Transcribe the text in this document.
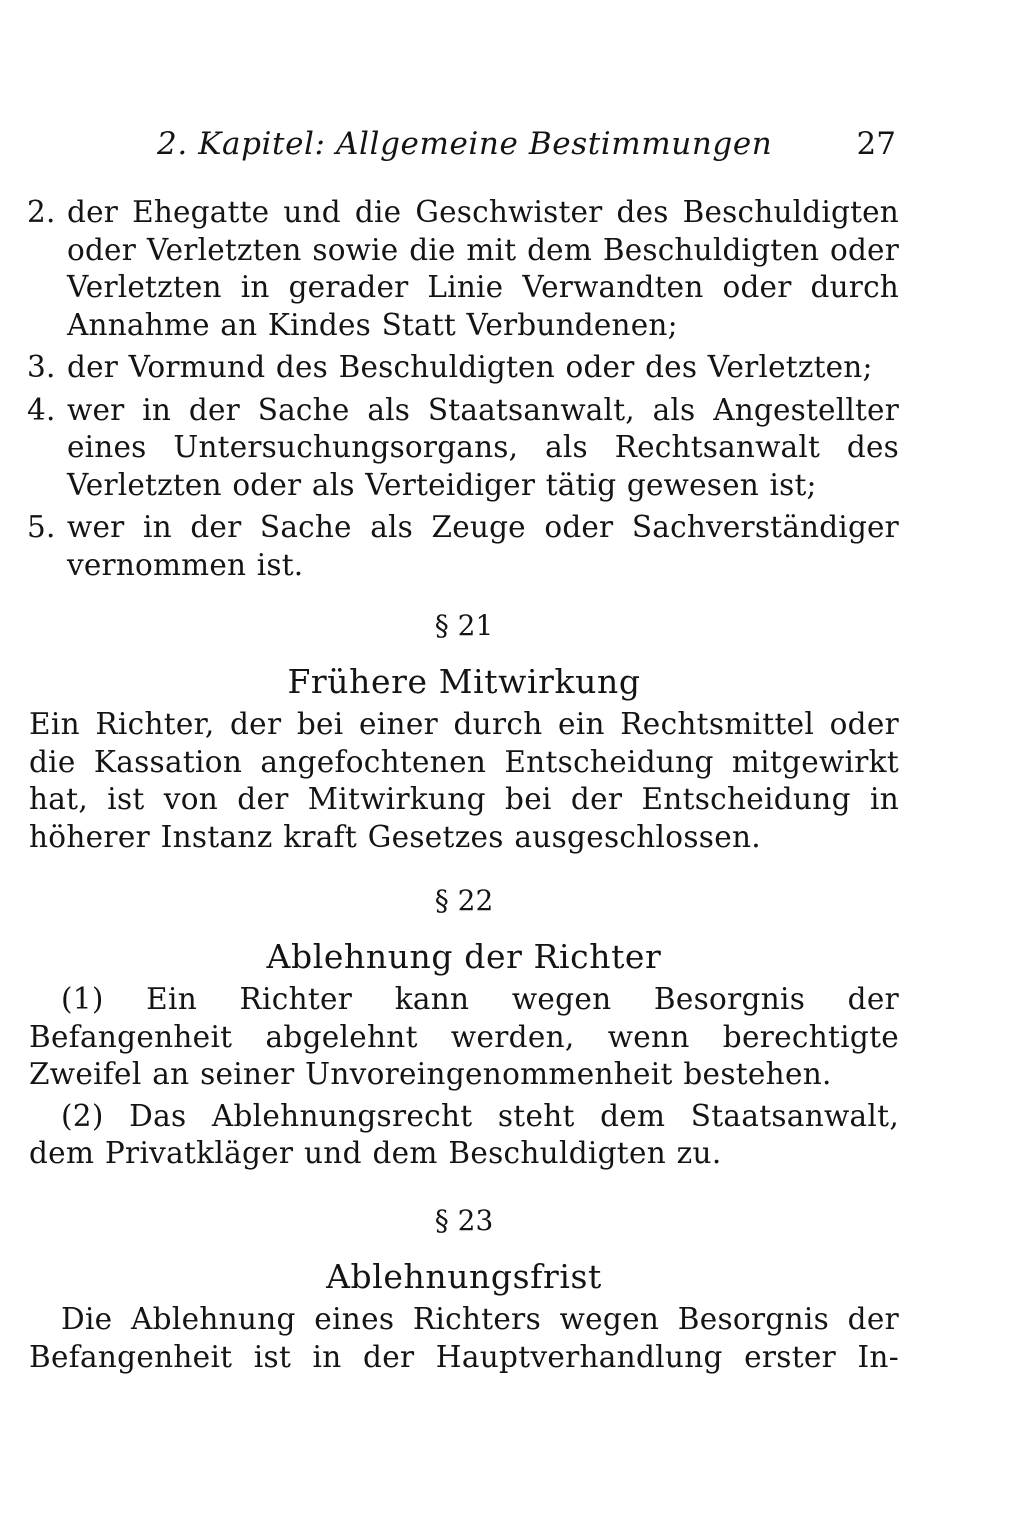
2. Kapitel: Allgemeine Bestimmungen	27
2. der Ehegatte und die Geschwister des Beschuldigten oder Verletzten sowie die mit dem Beschuldigten oder Verletzten in gerader Linie Verwandten oder durch Annahme an Kindes Statt Verbundenen;
3. der Vormund des Beschuldigten oder des Verletzten;
4. wer in der Sache als Staatsanwalt, als Angestellter eines Untersuchungsorgans, als Rechtsanwalt des Verletzten oder als Verteidiger tätig gewesen ist;
5. wer in der Sache als Zeuge oder Sachverständiger vernommen ist.
§ 21
Frühere Mitwirkung

Ein Richter, der bei einer durch ein Rechtsmittel oder die Kassation angefochtenen Entscheidung mitgewirkt hat, ist von der Mitwirkung bei der Entscheidung in höherer Instanz kraft Gesetzes ausgeschlossen.

§ 22
Ablehnung der Richter

(1) Ein Richter kann wegen Besorgnis der Befangenheit abgelehnt werden, wenn berechtigte Zweifel an seiner Unvoreingenommenheit bestehen.

(2) Das Ablehnungsrecht steht dem Staatsanwalt, dem Privatkläger und dem Beschuldigten zu.

§ 23
Ablehnungsfrist

Die Ablehnung eines Richters wegen Besorgnis der Befangenheit ist in der Hauptverhandlung erster In-
